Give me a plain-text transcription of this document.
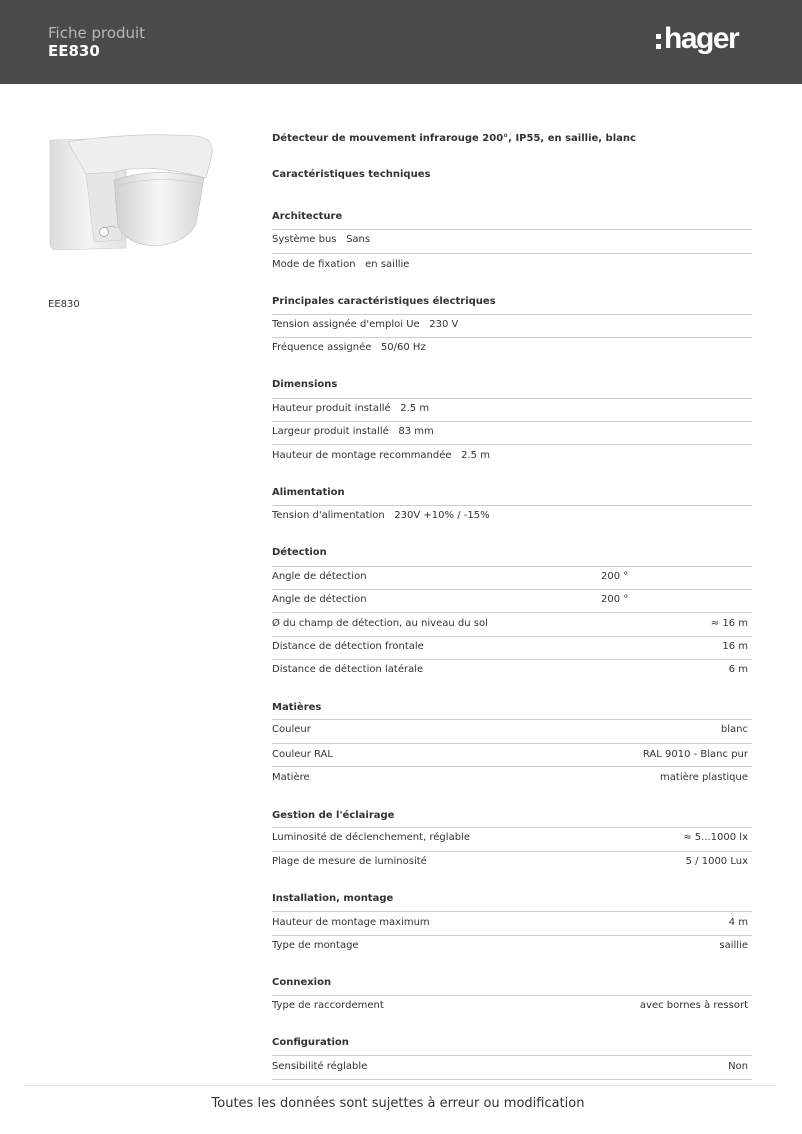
Fiche produit
EE830	hager
EE830
Détecteur de mouvement infrarouge 200°, IP55, en saillie, blanc
Caractéristiques techniques
Architecture
Système bus Sans
Mode de fixation en saillie
Principales caractéristiques électriques
Tension assignée d'emploi Ue 230 V
Fréquence assignée 50/60 Hz
Dimensions
Hauteur produit installé 2.5 m
Largeur produit installé 83 mm
Hauteur de montage recommandée 2.5 m
Alimentation
Tension d'alimentation 230V +10% / -15%
Détection
Angle de détection	200 °
Angle de détection	200 °
Ø du champ de détection, au niveau du sol	≈ 16 m
Distance de détection frontale	16 m
Distance de détection latérale	6 m
Matières
Couleur	blanc
Couleur RAL	RAL 9010 - Blanc pur
Matière	matière plastique
Gestion de l'éclairage
Luminosité de déclenchement, réglable	≈ 5...1000 lx
Plage de mesure de luminosité	5 / 1000 Lux
Installation, montage
Hauteur de montage maximum	4 m
Type de montage	saillie
Connexion
Type de raccordement	avec bornes à ressort
Configuration
Sensibilité réglable	Non
Toutes les données sont sujettes à erreur ou modification
